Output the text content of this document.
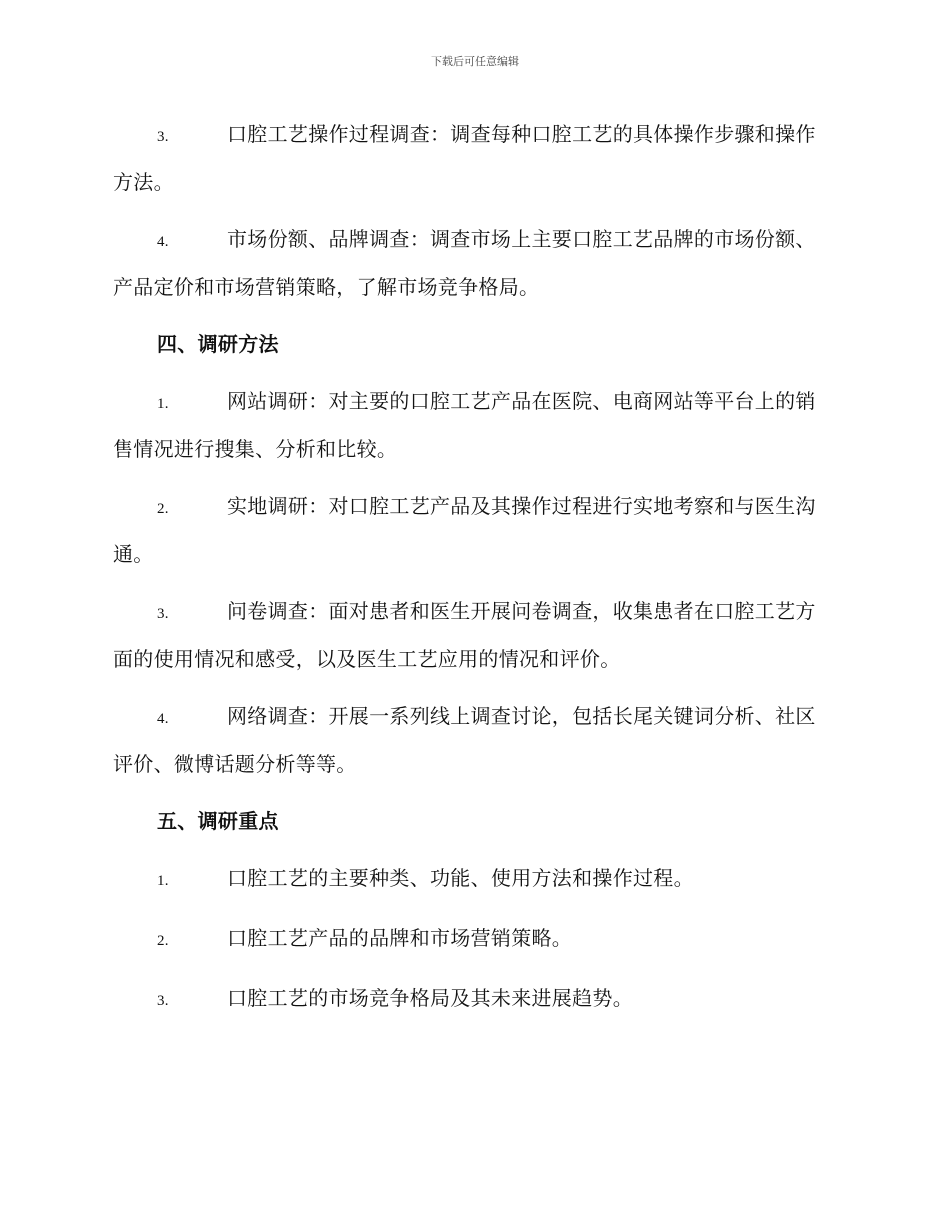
下载后可任意编辑

3.	口腔工艺操作过程调查：调查每种口腔工艺的具体操作步骤和操作方法。

4.	市场份额、品牌调查：调查市场上主要口腔工艺品牌的市场份额、产品定价和市场营销策略，了解市场竞争格局。

四、调研方法

1.	网站调研：对主要的口腔工艺产品在医院、电商网站等平台上的销售情况进行搜集、分析和比较。

2.	实地调研：对口腔工艺产品及其操作过程进行实地考察和与医生沟通。

3.	问卷调查：面对患者和医生开展问卷调查，收集患者在口腔工艺方面的使用情况和感受，以及医生工艺应用的情况和评价。

4.	网络调查：开展一系列线上调查讨论，包括长尾关键词分析、社区评价、微博话题分析等等。

五、调研重点

1.	口腔工艺的主要种类、功能、使用方法和操作过程。

2.	口腔工艺产品的品牌和市场营销策略。

3.	口腔工艺的市场竞争格局及其未来进展趋势。
